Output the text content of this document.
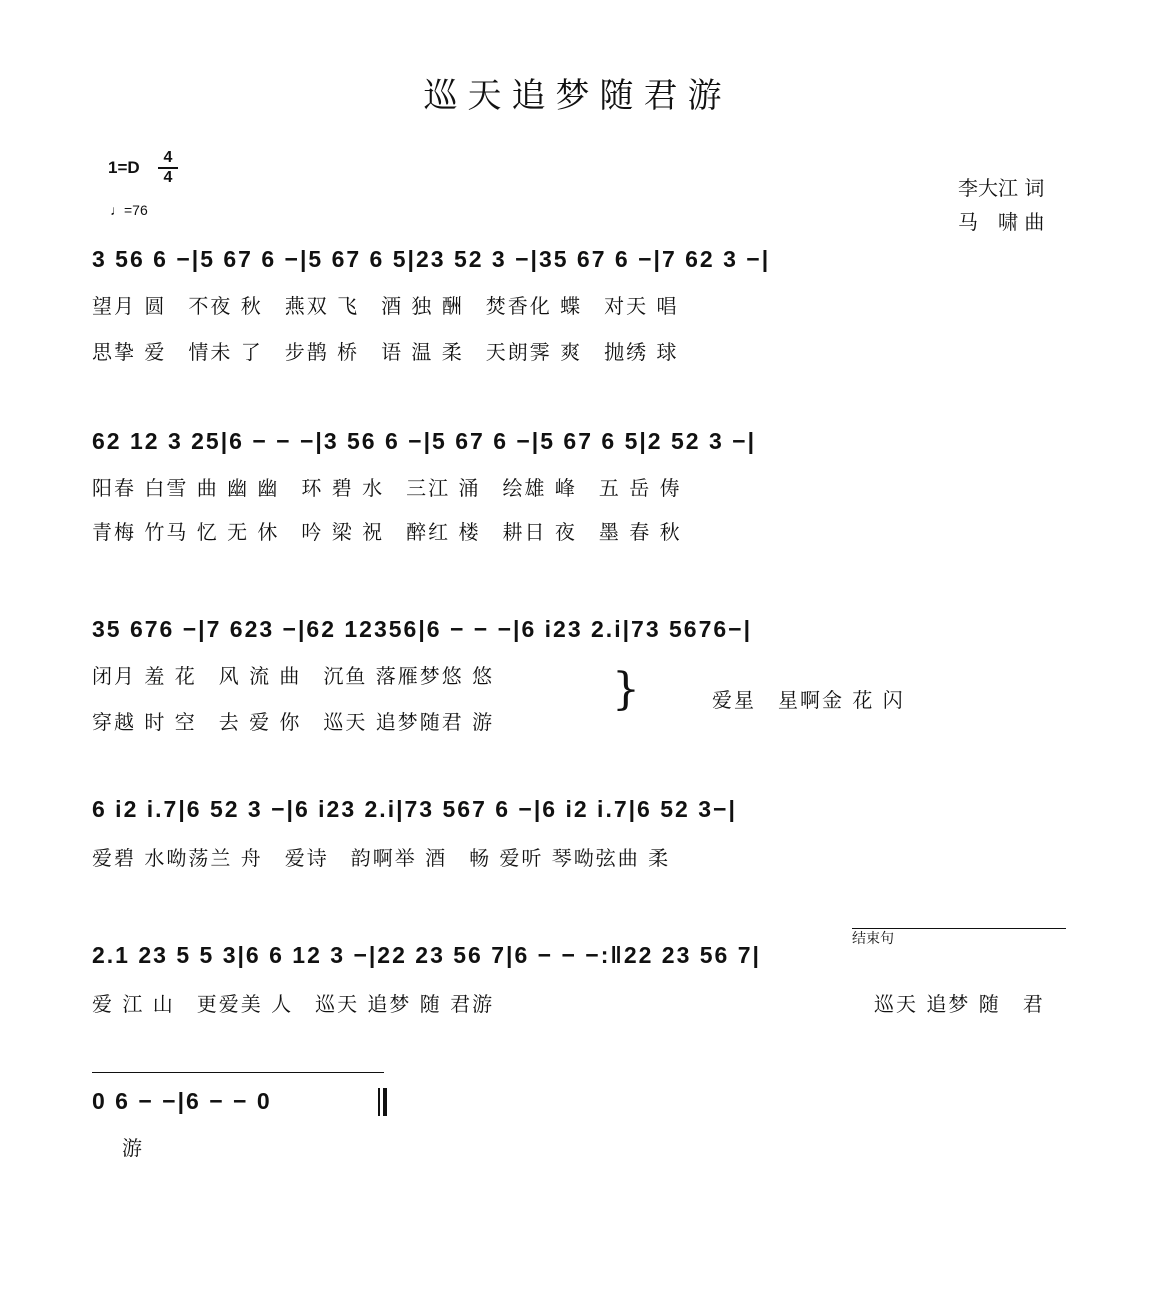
巡天追梦随君游
1=D
4
4
♩=76
李大江 词
马　啸 曲
3 56 6 −|5 67 6 −|5 67 6 5|23 52 3 −|35 67 6 −|7 62 3 −|
望月 圆　不夜 秋　燕双 飞　酒 独 酬　焚香化 蝶　对天 唱
思挚 爱　情未 了　步鹊 桥　语 温 柔　天朗霁 爽　抛绣 球
62 12 3 25|6 − − −|3 56 6 −|5 67 6 −|5 67 6 5|2 52 3 −|
阳春 白雪 曲 幽 幽　环 碧 水　三江 涌　绘雄 峰　五 岳 俦
青梅 竹马 忆 无 休　吟 梁 祝　醉红 楼　耕日 夜　墨 春 秋
35 676 −|7 623 −|62 12356|6 − − −|6 i23 2.i|73 5676−|
闭月 羞 花　风 流 曲　沉鱼 落雁梦悠 悠
穿越 时 空　去 爱 你　巡天 追梦随君 游
}	爱星　星啊金 花 闪
6 i2 i.7|6 52 3 −|6 i23 2.i|73 567 6 −|6 i2 i.7|6 52 3−|
爱碧 水呦荡兰 舟　爱诗　韵啊举 酒　畅 爱听 琴呦弦曲 柔
结束句
2.1 23 5 5 3|6 6 12 3 −|22 23 56 7|6 − − −:‖22 23 56 7|
爱 江 山　更爱美 人　巡天 追梦 随 君游	巡天 追梦 随　君
0 6 − −|6 − − 0
游
